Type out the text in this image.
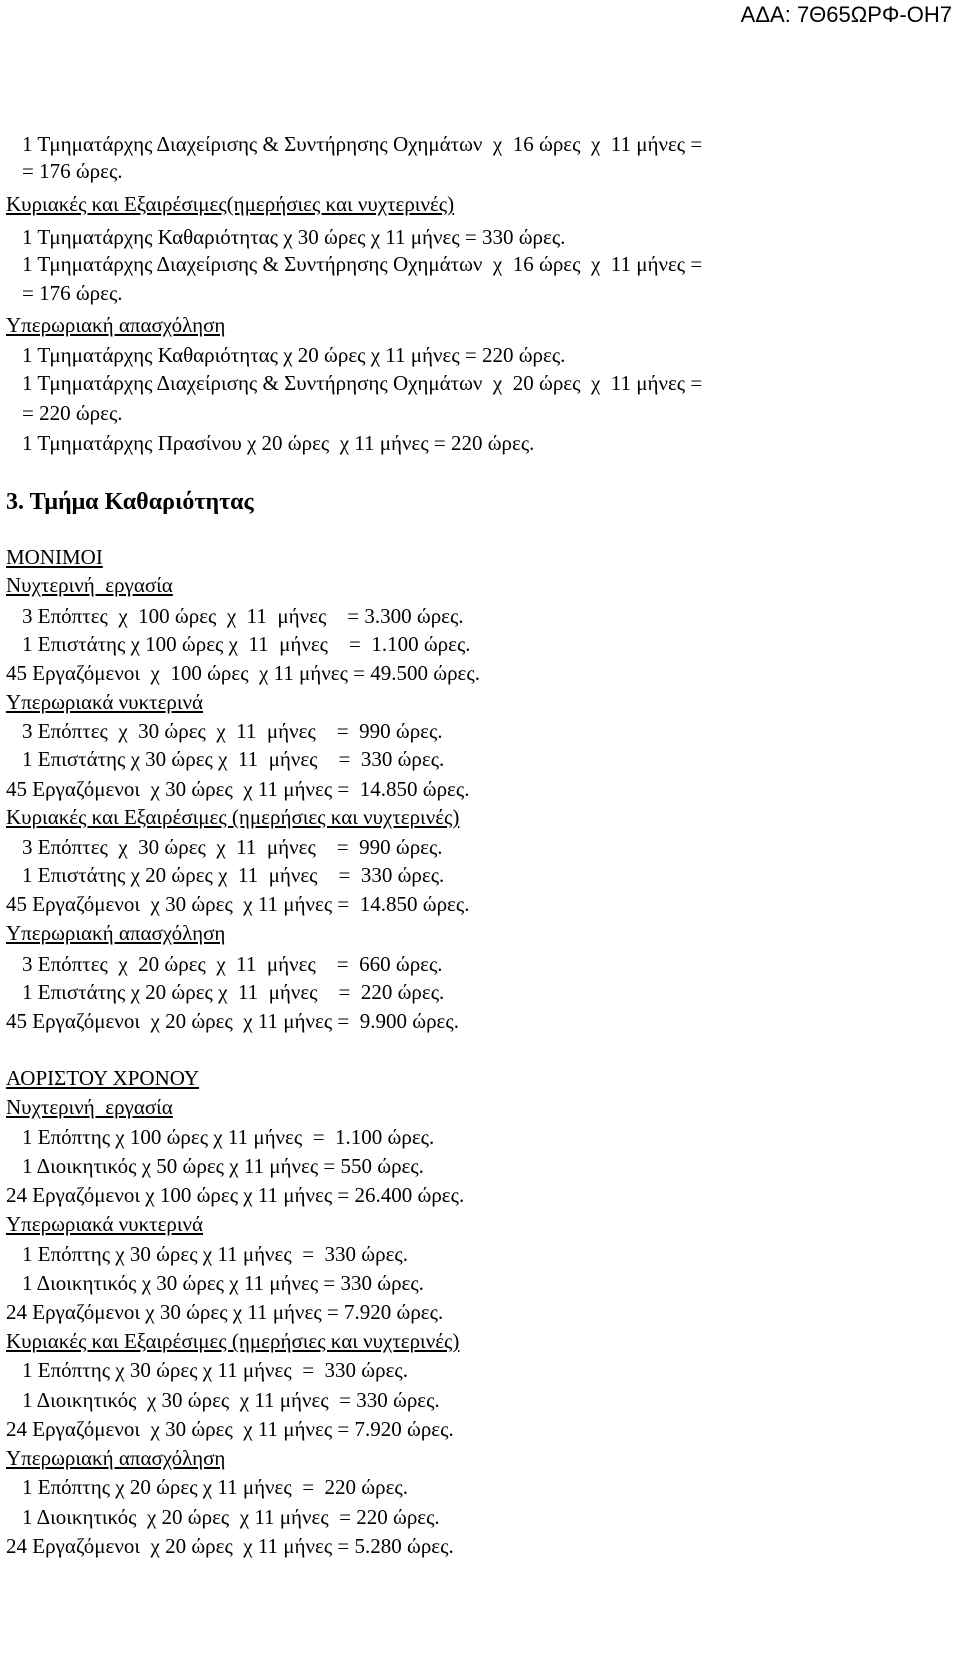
ΑΔΑ: 7Θ65ΩΡΦ-ΟΗ7
1 Τμηματάρχης Διαχείρισης & Συντήρησης Οχημάτων  χ  16 ώρες  χ  11 μήνες =
= 176 ώρες.
Κυριακές και Εξαιρέσιμες(ημερήσιες και νυχτερινές)
1 Τμηματάρχης Καθαριότητας χ 30 ώρες χ 11 μήνες = 330 ώρες.
1 Τμηματάρχης Διαχείρισης & Συντήρησης Οχημάτων  χ  16 ώρες  χ  11 μήνες =
= 176 ώρες.
Υπερωριακή απασχόληση
1 Τμηματάρχης Καθαριότητας χ 20 ώρες χ 11 μήνες = 220 ώρες.
1 Τμηματάρχης Διαχείρισης & Συντήρησης Οχημάτων  χ  20 ώρες  χ  11 μήνες =
= 220 ώρες.
1 Τμηματάρχης Πρασίνου χ 20 ώρες  χ 11 μήνες = 220 ώρες.
3. Τμήμα Καθαριότητας
ΜΟΝΙΜΟΙ
Νυχτερινή  εργασία
3 Επόπτες  χ  100 ώρες  χ  11  μήνες    = 3.300 ώρες.
1 Επιστάτης χ 100 ώρες χ  11  μήνες    =  1.100 ώρες.
45 Εργαζόμενοι  χ  100 ώρες  χ 11 μήνες = 49.500 ώρες.
Υπερωριακά νυκτερινά
3 Επόπτες  χ  30 ώρες  χ  11  μήνες    =  990 ώρες.
1 Επιστάτης χ 30 ώρες χ  11  μήνες    =  330 ώρες.
45 Εργαζόμενοι  χ 30 ώρες  χ 11 μήνες =  14.850 ώρες.
Κυριακές και Εξαιρέσιμες (ημερήσιες και νυχτερινές)
3 Επόπτες  χ  30 ώρες  χ  11  μήνες    =  990 ώρες.
1 Επιστάτης χ 20 ώρες χ  11  μήνες    =  330 ώρες.
45 Εργαζόμενοι  χ 30 ώρες  χ 11 μήνες =  14.850 ώρες.
Υπερωριακή απασχόληση
3 Επόπτες  χ  20 ώρες  χ  11  μήνες    =  660 ώρες.
1 Επιστάτης χ 20 ώρες χ  11  μήνες    =  220 ώρες.
45 Εργαζόμενοι  χ 20 ώρες  χ 11 μήνες =  9.900 ώρες.
ΑΟΡΙΣΤΟΥ ΧΡΟΝΟΥ
Νυχτερινή  εργασία
1 Επόπτης χ 100 ώρες χ 11 μήνες  =  1.100 ώρες.
1 Διοικητικός χ 50 ώρες χ 11 μήνες = 550 ώρες.
24 Εργαζόμενοι χ 100 ώρες χ 11 μήνες = 26.400 ώρες.
Υπερωριακά νυκτερινά
1 Επόπτης χ 30 ώρες χ 11 μήνες  =  330 ώρες.
1 Διοικητικός χ 30 ώρες χ 11 μήνες = 330 ώρες.
24 Εργαζόμενοι χ 30 ώρες χ 11 μήνες = 7.920 ώρες.
Κυριακές και Εξαιρέσιμες (ημερήσιες και νυχτερινές)
1 Επόπτης χ 30 ώρες χ 11 μήνες  =  330 ώρες.
1 Διοικητικός  χ 30 ώρες  χ 11 μήνες  = 330 ώρες.
24 Εργαζόμενοι  χ 30 ώρες  χ 11 μήνες = 7.920 ώρες.
Υπερωριακή απασχόληση
1 Επόπτης χ 20 ώρες χ 11 μήνες  =  220 ώρες.
1 Διοικητικός  χ 20 ώρες  χ 11 μήνες  = 220 ώρες.
24 Εργαζόμενοι  χ 20 ώρες  χ 11 μήνες = 5.280 ώρες.
